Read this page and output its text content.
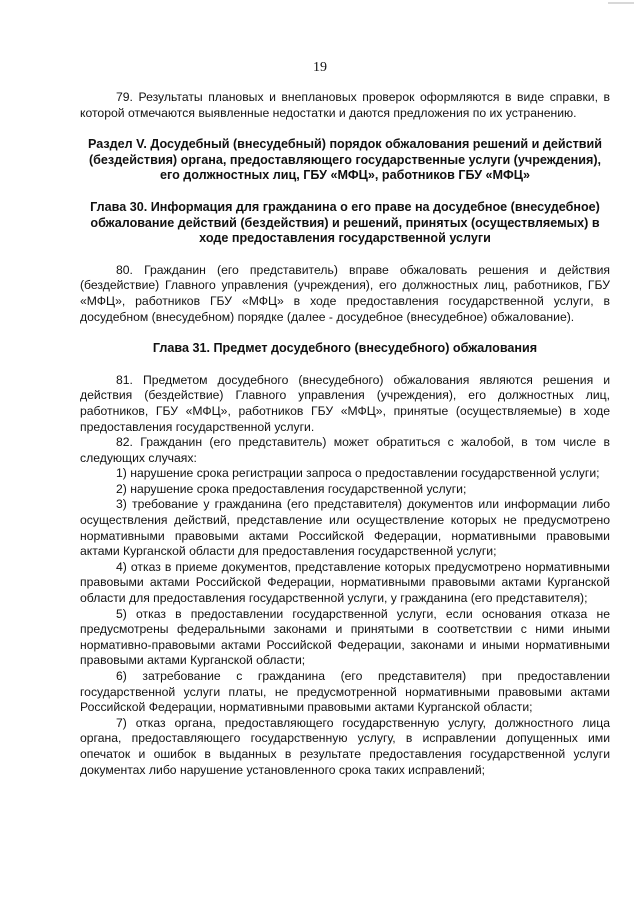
19

79. Результаты плановых и внеплановых проверок оформляются в виде справки, в которой отмечаются выявленные недостатки и даются предложения по их устранению.

Раздел V. Досудебный (внесудебный) порядок обжалования решений и действий (бездействия) органа, предоставляющего государственные услуги (учреждения), его должностных лиц, ГБУ «МФЦ», работников ГБУ «МФЦ»

Глава 30. Информация для гражданина о его праве на досудебное (внесудебное) обжалование действий (бездействия) и решений, принятых (осуществляемых) в ходе предоставления государственной услуги

80. Гражданин (его представитель) вправе обжаловать решения и действия (бездействие) Главного управления (учреждения), его должностных лиц, работников, ГБУ «МФЦ», работников ГБУ «МФЦ» в ходе предоставления государственной услуги, в досудебном (внесудебном) порядке (далее - досудебное (внесудебное) обжалование).

Глава 31. Предмет досудебного (внесудебного) обжалования

81. Предметом досудебного (внесудебного) обжалования являются решения и действия (бездействие) Главного управления (учреждения), его должностных лиц, работников, ГБУ «МФЦ», работников ГБУ «МФЦ», принятые (осуществляемые) в ходе предоставления государственной услуги.

82. Гражданин (его представитель) может обратиться с жалобой, в том числе в следующих случаях:

1) нарушение срока регистрации запроса о предоставлении государственной услуги;

2) нарушение срока предоставления государственной услуги;

3) требование у гражданина (его представителя) документов или информации либо осуществления действий, представление или осуществление которых не предусмотрено нормативными правовыми актами Российской Федерации, нормативными правовыми актами Курганской области для предоставления государственной услуги;

4) отказ в приеме документов, представление которых предусмотрено нормативными правовыми актами Российской Федерации, нормативными правовыми актами Курганской области для предоставления государственной услуги, у гражданина (его представителя);

5) отказ в предоставлении государственной услуги, если основания отказа не предусмотрены федеральными законами и принятыми в соответствии с ними иными нормативно-правовыми актами Российской Федерации, законами и иными нормативными правовыми актами Курганской области;

6) затребование с гражданина (его представителя) при предоставлении государственной услуги платы, не предусмотренной нормативными правовыми актами Российской Федерации, нормативными правовыми актами Курганской области;

7) отказ органа, предоставляющего государственную услугу, должностного лица органа, предоставляющего государственную услугу, в исправлении допущенных ими опечаток и ошибок в выданных в результате предоставления государственной услуги документах либо нарушение установленного срока таких исправлений;
